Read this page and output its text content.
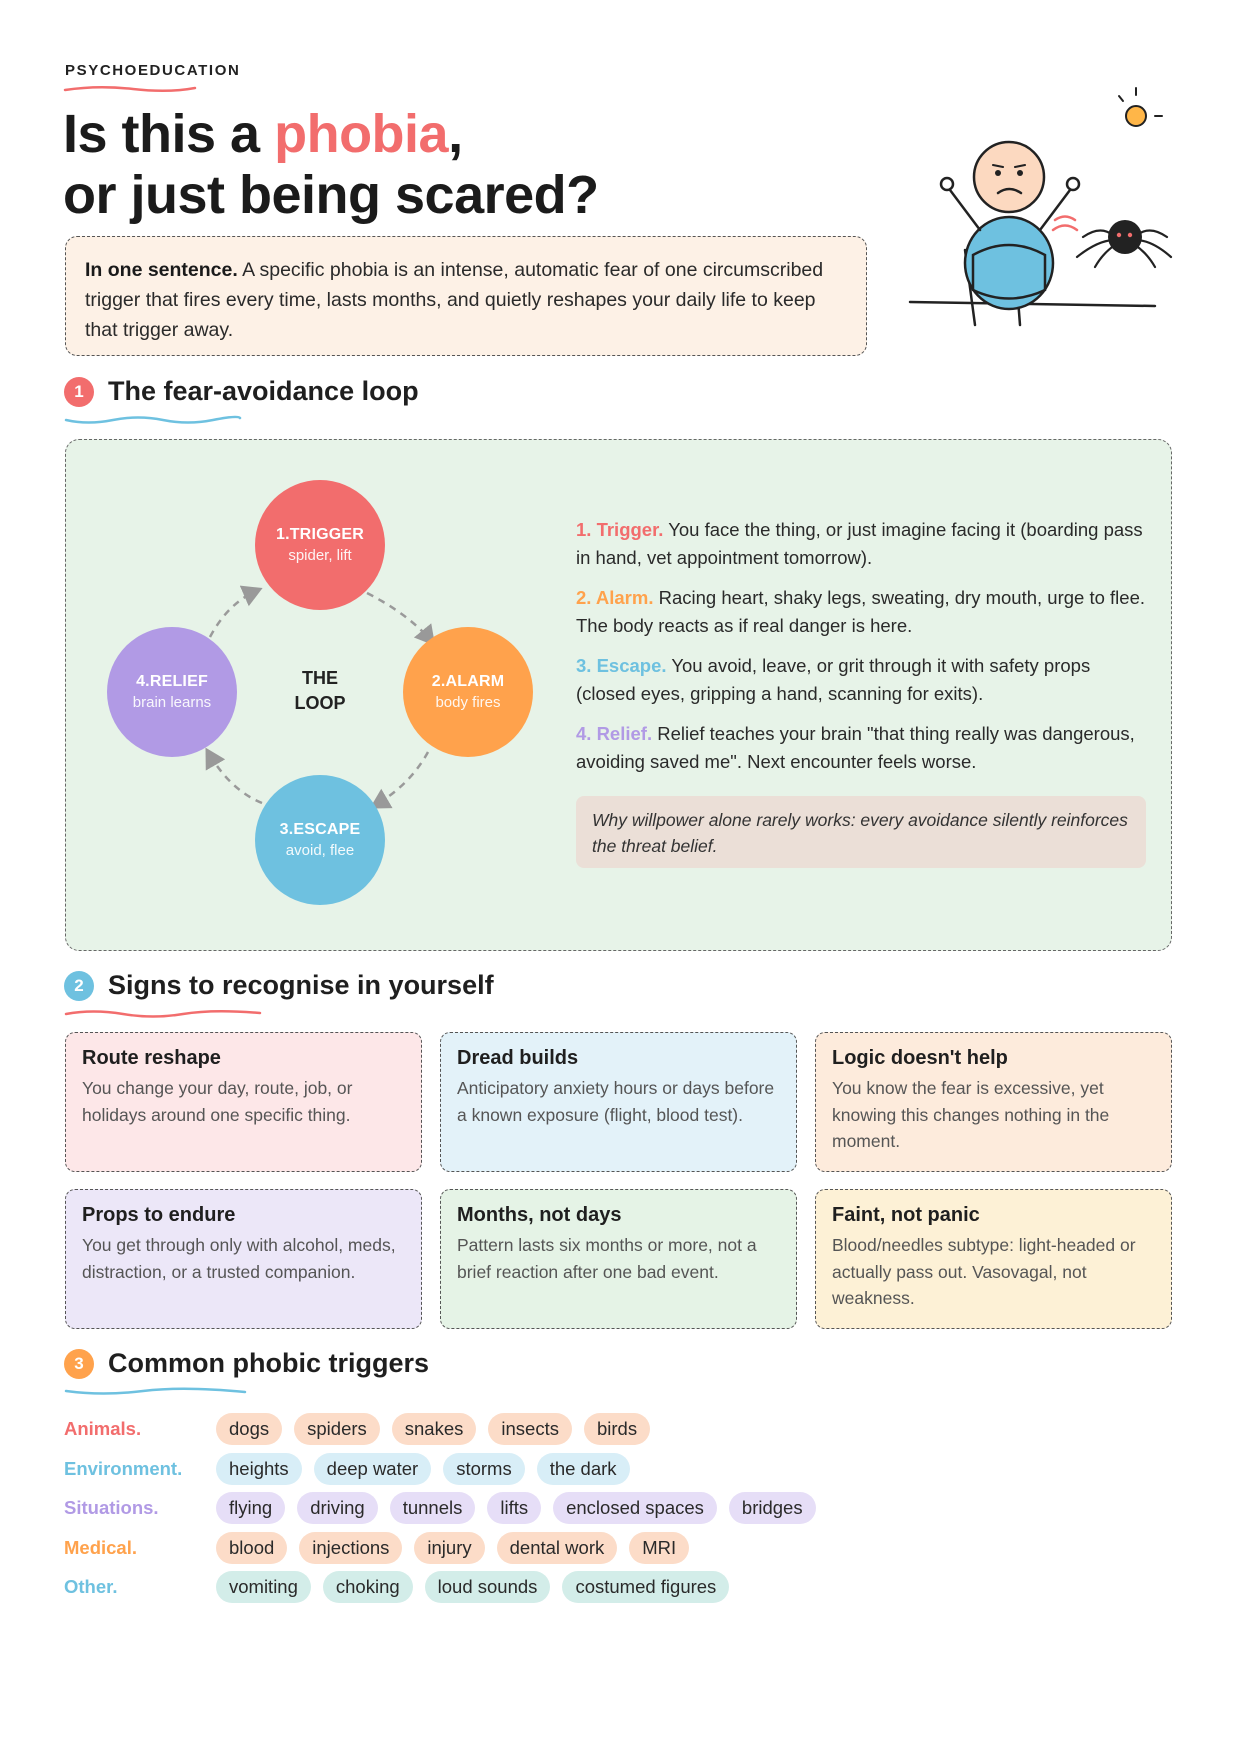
PSYCHOEDUCATION
Is this a phobia,
or just being scared?
In one sentence. A specific phobia is an intense, automatic fear of one circumscribed trigger that fires every time, lasts months, and quietly reshapes your daily life to keep that trigger away.
1 The fear-avoidance loop
1.TRIGGER
spider, lift
2.ALARM
body fires
3.ESCAPE
avoid, flee
4.RELIEF
brain learns
THE
LOOP

1. Trigger. You face the thing, or just imagine facing it (boarding pass in hand, vet appointment tomorrow).

2. Alarm. Racing heart, shaky legs, sweating, dry mouth, urge to flee. The body reacts as if real danger is here.

3. Escape. You avoid, leave, or grit through it with safety props (closed eyes, gripping a hand, scanning for exits).

4. Relief. Relief teaches your brain "that thing really was dangerous, avoiding saved me". Next encounter feels worse.

Why willpower alone rarely works: every avoidance silently reinforces the threat belief.
2 Signs to recognise in yourself
Route reshape
You change your day, route, job, or holidays around one specific thing.
Dread builds
Anticipatory anxiety hours or days before a known exposure (flight, blood test).
Logic doesn't help
You know the fear is excessive, yet knowing this changes nothing in the moment.
Props to endure
You get through only with alcohol, meds, distraction, or a trusted companion.
Months, not days
Pattern lasts six months or more, not a brief reaction after one bad event.
Faint, not panic
Blood/needles subtype: light-headed or actually pass out. Vasovagal, not weakness.
3 Common phobic triggers
Animals.	dogs	spiders	snakes	insects	birds
Environment.	heights	deep water	storms	the dark
Situations.	flying	driving	tunnels	lifts	enclosed spaces	bridges
Medical.	blood	injections	injury	dental work	MRI
Other.	vomiting	choking	loud sounds	costumed figures
